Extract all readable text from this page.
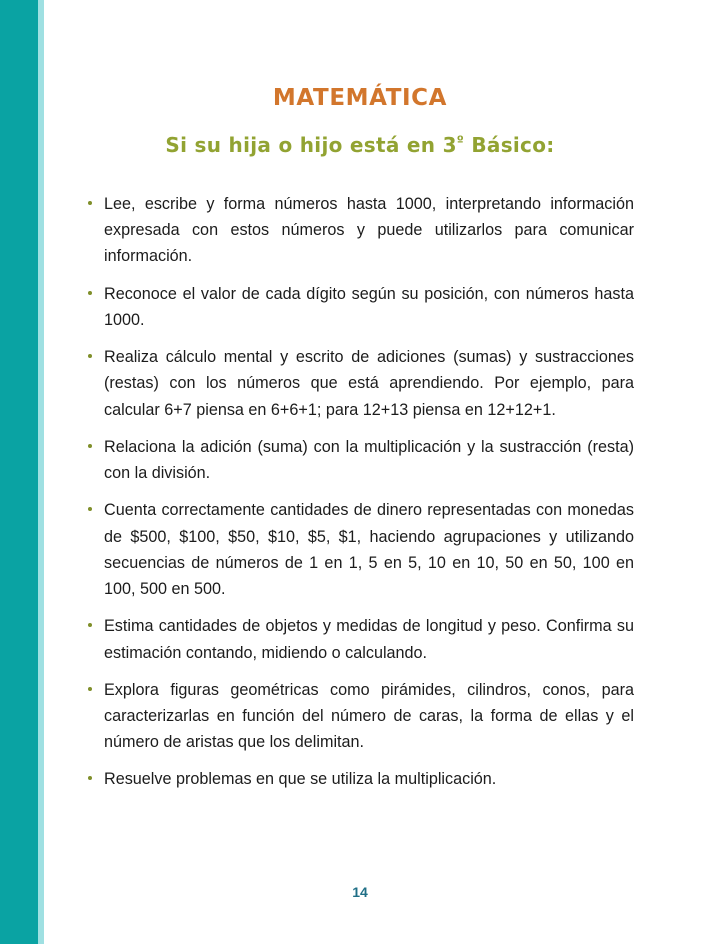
MATEMÁTICA
Si su hija o hijo está en $3^º$ Básico:
Lee, escribe y forma números hasta 1000, interpretando información expresada con estos números y puede utilizarlos para comunicar información.
Reconoce el valor de cada dígito según su posición, con números hasta 1000.
Realiza cálculo mental y escrito de adiciones (sumas) y sustracciones (restas) con los números que está aprendiendo. Por ejemplo, para calcular 6+7 piensa en 6+6+1; para 12+13 piensa en 12+12+1.
Relaciona la adición (suma) con la multiplicación y la sustracción (resta) con la división.
Cuenta correctamente cantidades de dinero representadas con monedas de $500, $100, $50, $10, $5, $1, haciendo agrupaciones y utilizando secuencias de números de 1 en 1, 5 en 5, 10 en 10, 50 en 50, 100 en 100, 500 en 500.
Estima cantidades de objetos y medidas de longitud y peso. Confirma su estimación contando, midiendo o calculando.
Explora figuras geométricas como pirámides, cilindros, conos, para caracterizarlas en función del número de caras, la forma de ellas y el número de aristas que los delimitan.
Resuelve problemas en que se utiliza la multiplicación.
14
